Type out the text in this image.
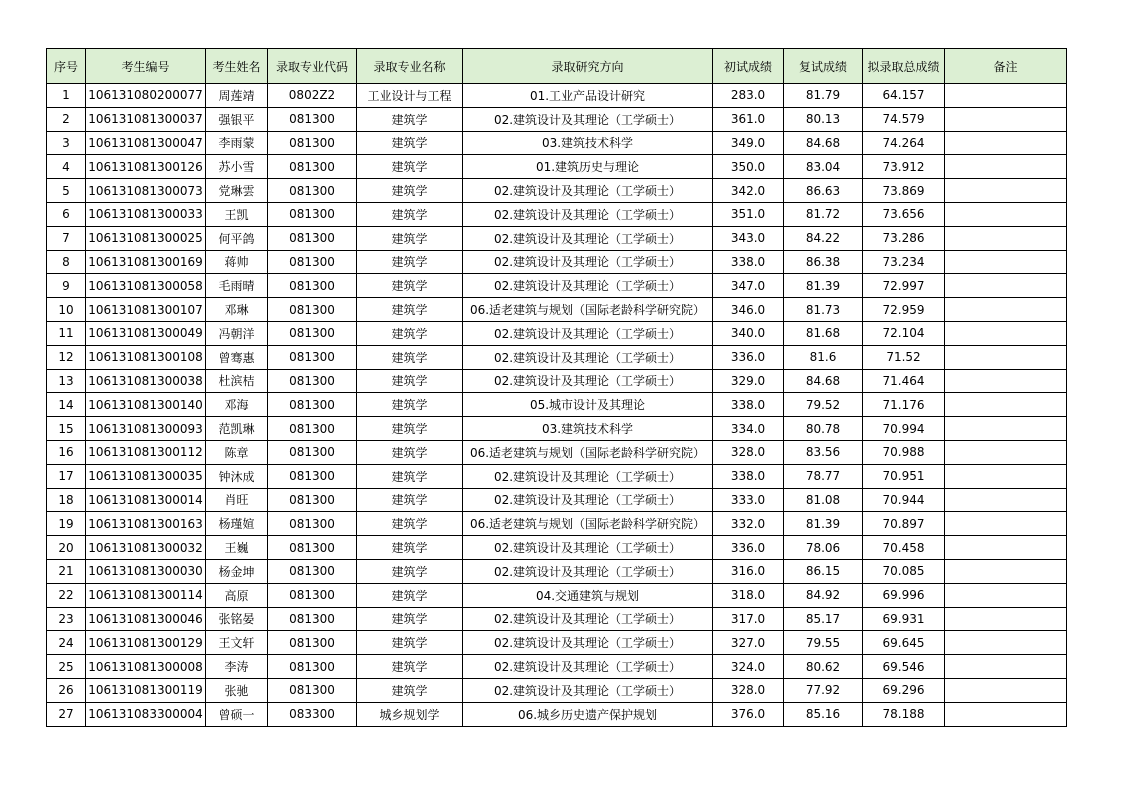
序号	考生编号	考生姓名	录取专业代码	录取专业名称	录取研究方向	初试成绩	复试成绩	拟录取总成绩	备注
1	106131080200077	周莲靖	0802Z2	工业设计与工程	01.工业产品设计研究	283.0	81.79	64.157	
2	106131081300037	强银平	081300	建筑学	02.建筑设计及其理论（工学硕士）	361.0	80.13	74.579	
3	106131081300047	李雨蒙	081300	建筑学	03.建筑技术科学	349.0	84.68	74.264	
4	106131081300126	苏小雪	081300	建筑学	01.建筑历史与理论	350.0	83.04	73.912	
5	106131081300073	党琳雲	081300	建筑学	02.建筑设计及其理论（工学硕士）	342.0	86.63	73.869	
6	106131081300033	王凯	081300	建筑学	02.建筑设计及其理论（工学硕士）	351.0	81.72	73.656	
7	106131081300025	何平鸽	081300	建筑学	02.建筑设计及其理论（工学硕士）	343.0	84.22	73.286	
8	106131081300169	蒋帅	081300	建筑学	02.建筑设计及其理论（工学硕士）	338.0	86.38	73.234	
9	106131081300058	毛雨晴	081300	建筑学	02.建筑设计及其理论（工学硕士）	347.0	81.39	72.997	
10	106131081300107	邓琳	081300	建筑学	06.适老建筑与规划（国际老龄科学研究院）	346.0	81.73	72.959	
11	106131081300049	冯朝洋	081300	建筑学	02.建筑设计及其理论（工学硕士）	340.0	81.68	72.104	
12	106131081300108	曾骞惠	081300	建筑学	02.建筑设计及其理论（工学硕士）	336.0	81.6	71.52	
13	106131081300038	杜滨桔	081300	建筑学	02.建筑设计及其理论（工学硕士）	329.0	84.68	71.464	
14	106131081300140	邓海	081300	建筑学	05.城市设计及其理论	338.0	79.52	71.176	
15	106131081300093	范凯琳	081300	建筑学	03.建筑技术科学	334.0	80.78	70.994	
16	106131081300112	陈章	081300	建筑学	06.适老建筑与规划（国际老龄科学研究院）	328.0	83.56	70.988	
17	106131081300035	钟沐成	081300	建筑学	02.建筑设计及其理论（工学硕士）	338.0	78.77	70.951	
18	106131081300014	肖旺	081300	建筑学	02.建筑设计及其理论（工学硕士）	333.0	81.08	70.944	
19	106131081300163	杨瑾媗	081300	建筑学	06.适老建筑与规划（国际老龄科学研究院）	332.0	81.39	70.897	
20	106131081300032	王巍	081300	建筑学	02.建筑设计及其理论（工学硕士）	336.0	78.06	70.458	
21	106131081300030	杨金坤	081300	建筑学	02.建筑设计及其理论（工学硕士）	316.0	86.15	70.085	
22	106131081300114	高原	081300	建筑学	04.交通建筑与规划	318.0	84.92	69.996	
23	106131081300046	张铭晏	081300	建筑学	02.建筑设计及其理论（工学硕士）	317.0	85.17	69.931	
24	106131081300129	王文轩	081300	建筑学	02.建筑设计及其理论（工学硕士）	327.0	79.55	69.645	
25	106131081300008	李涛	081300	建筑学	02.建筑设计及其理论（工学硕士）	324.0	80.62	69.546	
26	106131081300119	张驰	081300	建筑学	02.建筑设计及其理论（工学硕士）	328.0	77.92	69.296	
27	106131083300004	曾硕一	083300	城乡规划学	06.城乡历史遗产保护规划	376.0	85.16	78.188	
